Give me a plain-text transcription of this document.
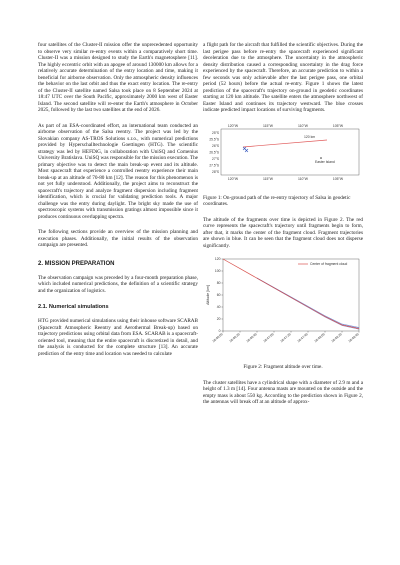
four satellites of the Cluster-II mission offer the unprecedented opportunity to observe very similar re-entry events within a comparatively short time. Cluster-II was a mission designed to study the Earth's magnetosphere [11]. The highly eccentric orbit with an apogee of around 130000 km allows for a relatively accurate determination of the entry location and time, making it beneficial for airborne observation. Only the atmospheric density influences the behavior on the last orbit and thus the exact entry location. The re-entry of the Cluster-II satellite named Salsa took place on 8 September 2024 at 18:47 UTC over the South Pacific, approximately 2000 km west of Easter Island. The second satellite will re-enter the Earth's atmosphere in October 2025, followed by the last two satellites at the end of 2026.

As part of an ESA-coordinated effort, an international team conducted an airborne observation of the Salsa reentry. The project was led by the Slovakian company AS-TROS Solutions s.r.o., with numerical predictions provided by Hyperschalltechnologie Goettingen (HTG). The scientific strategy was led by HEFDiG, in collaboration with UniSQ and Comenius University Bratislava. UniSQ was responsible for the mission execution. The primary objective was to detect the main break-up event and its altitude. Most spacecraft that experience a controlled reentry experience their main break-up at an altitude of 70-80 km [12]. The reason for this phenomenon is not yet fully understood. Additionally, the project aims to reconstruct the spacecraft's trajectory and analyze fragment dispersion including fragment identification, which is crucial for validating prediction tools. A major challenge was the entry during daylight. The bright sky made the use of spectroscopic systems with transmission gratings almost impossible since it produces continuous overlapping spectra.

The following sections provide an overview of the mission planning and execution phases. Additionally, the initial results of the observation campaign are presented.

2. MISSION PREPARATION

The observation campaign was preceded by a four-month preparation phase, which included numerical predictions, the definition of a scientific strategy and the organization of logistics.

2.1. Numerical simulations

HTG provided numerical simulations using their inhouse software SCARAB (Spacecraft Atmospheric Reentry and Aerothermal Break-up) based on trajectory predictions using orbital data from ESA. SCARAB is a spacecraft-oriented tool, meaning that the entire spacecraft is discretized in detail, and the analysis is conducted for the complete structure [13]. An accurate prediction of the entry time and location was needed to calculate

a flight path for the aircraft that fulfilled the scientific objectives. During the last perigee pass before re-entry the spacecraft experienced significant deceleration due to the atmosphere. The uncertainty in the atmospheric density distribution caused a corresponding uncertainty in the drag force experienced by the spacecraft. Therefore, an accurate prediction to within a few seconds was only achievable after the last perigee pass, one orbital period (52 hours) before the actual re-entry. Figure 1 shows the latest prediction of the spacecraft's trajectory on-ground in geodetic coordinates starting at 120 km altitude. The satellite enters the atmosphere northwest of Easter Island and continues its trajectory westward. The blue crosses indicate predicted impact locations of surviving fragments.

120°W	115°W	110°W	105°W
120°W	115°W	110°W	105°W
25°S
25.5°S
26°S
26.5°S
27°S
27.5°S
28°S
120 km
Easter Island

Figure 1: On-ground path of the re-entry trajectory of Salsa in geodetic coordinates.

The altitude of the fragments over time is depicted in Figure 2. The red curve represents the spacecraft's trajectory until fragments begin to form, after that, it marks the center of the fragment cloud. Fragment trajectories are shown in blue. It can be seen that the fragment cloud does not disperse significantly.

0
20
40
60
80
100
120
18:46:00 18:46:20 18:46:40 18:47:00 18:47:20 18:47:40 18:48:00 18:48:20 18:48:40
Altitude [km]
Center of fragment cloud

Figure 2: Fragment altitude over time.

The cluster satellites have a cylindrical shape with a diameter of 2.9 m and a height of 1.3 m [14]. Four antenna masts are mounted on the outside and the empty mass is about 550 kg. According to the prediction shown in Figure 2, the antennas will break off at an altitude of approx-
